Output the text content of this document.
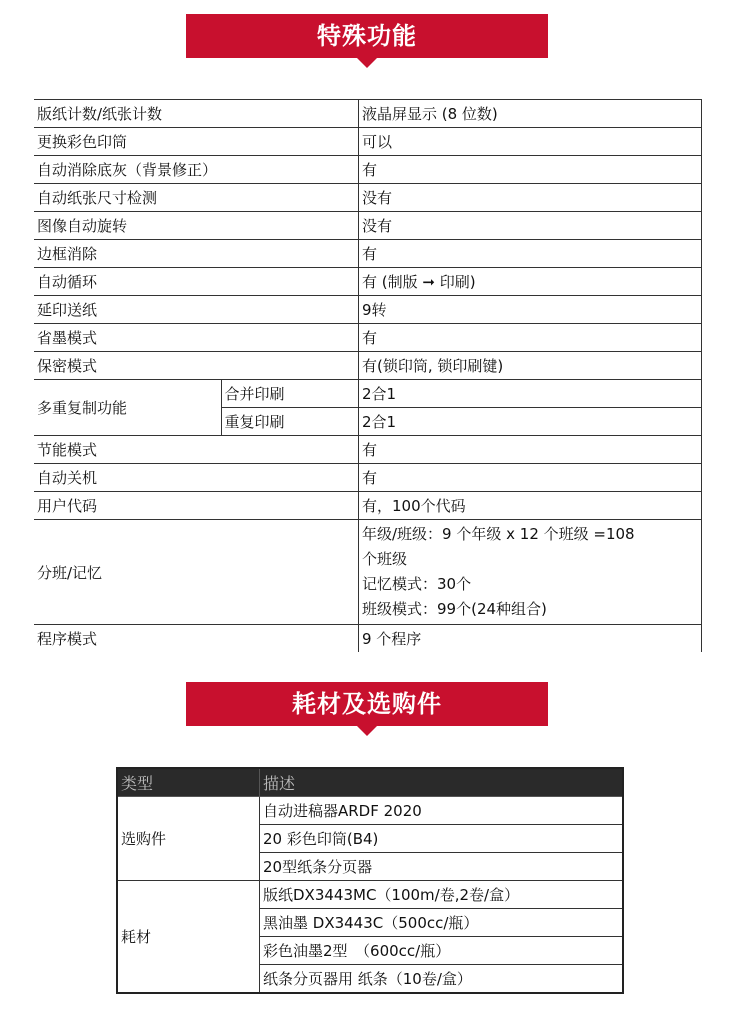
特殊功能
版纸计数/纸张计数		液晶屏显示 (8 位数)
更换彩色印筒		可以
自动消除底灰（背景修正）		有
自动纸张尺寸检测		没有
图像自动旋转		没有
边框消除		有
自动循环		有 (制版 ➞ 印刷)
延印送纸		9转
省墨模式		有
保密模式		有(锁印筒, 锁印刷键)
多重复制功能	合并印刷	2合1
	重复印刷	2合1
节能模式		有
自动关机		有
用户代码		有，100个代码
分班/记忆		年级/班级：9 个年级 x 12 个班级 =108
个班级
记忆模式：30个
班级模式：99个(24种组合)

程序模式		9 个程序
耗材及选购件
类型	描述
选购件	自动进稿器ARDF 2020
	20 彩色印筒(B4)
	20型纸条分页器
耗材	版纸DX3443MC（100m/卷,2卷/盒）
	黑油墨 DX3443C（500cc/瓶）
	彩色油墨2型　（600cc/瓶）
	纸条分页器用 纸条（10卷/盒）
